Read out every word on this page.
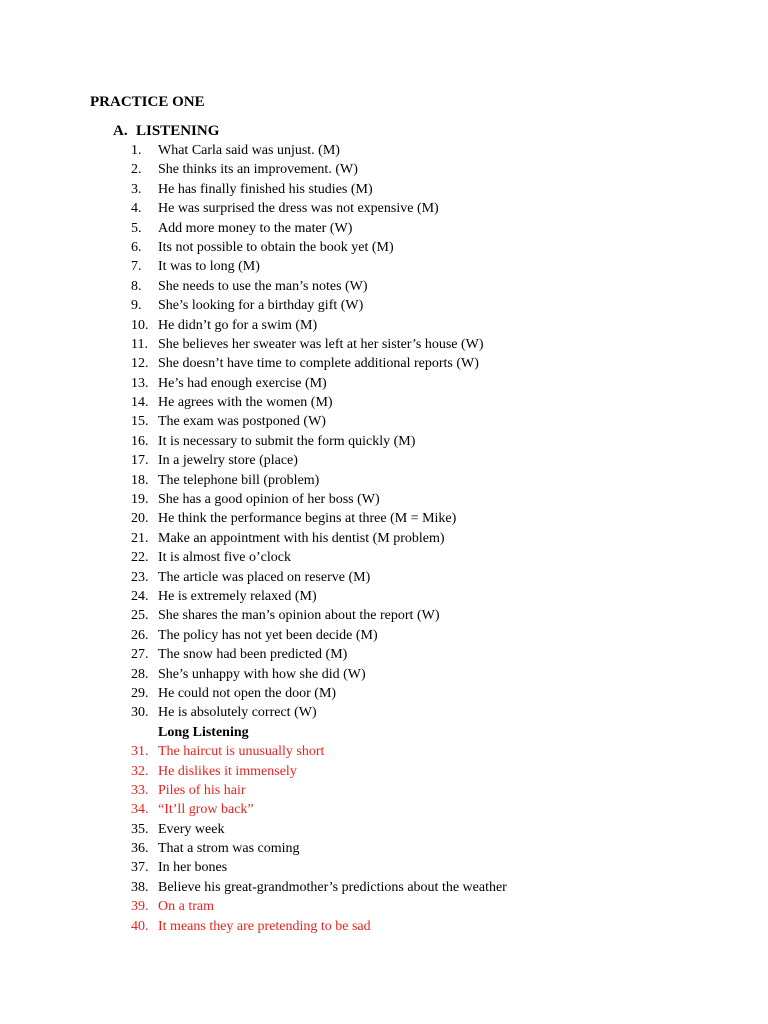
PRACTICE ONE
A. LISTENING
1.	What Carla said was unjust. (M)
2.	She thinks its an improvement. (W)
3.	He has finally finished his studies (M)
4.	He was surprised the dress was not expensive (M)
5.	Add more money to the mater (W)
6.	Its not possible to obtain the book yet (M)
7.	It was to long (M)
8.	She needs to use the man’s notes (W)
9.	She’s looking for a birthday gift (W)
10. He didn’t go for a swim (M)
11. She believes her sweater was left at her sister’s house (W)
12. She doesn’t have time to complete additional reports (W)
13. He’s had enough exercise (M)
14. He agrees with the women (M)
15. The exam was postponed (W)
16. It is necessary to submit the form quickly (M)
17. In a jewelry store (place)
18. The telephone bill (problem)
19. She has a good opinion of her boss (W)
20. He think the performance begins at three (M = Mike)
21. Make an appointment with his dentist (M problem)
22. It is almost five o’clock
23. The article was placed on reserve (M)
24. He is extremely relaxed (M)
25. She shares the man’s opinion about the report (W)
26. The policy has not yet been decide (M)
27. The snow had been predicted (M)
28. She’s unhappy with how she did (W)
29. He could not open the door (M)
30. He is absolutely correct (W)
Long Listening
31. The haircut is unusually short
32. He dislikes it immensely
33. Piles of his hair
34. “It’ll grow back”
35. Every week
36. That a strom was coming
37. In her bones
38. Believe his great-grandmother’s predictions about the weather
39. On a tram
40. It means they are pretending to be sad
